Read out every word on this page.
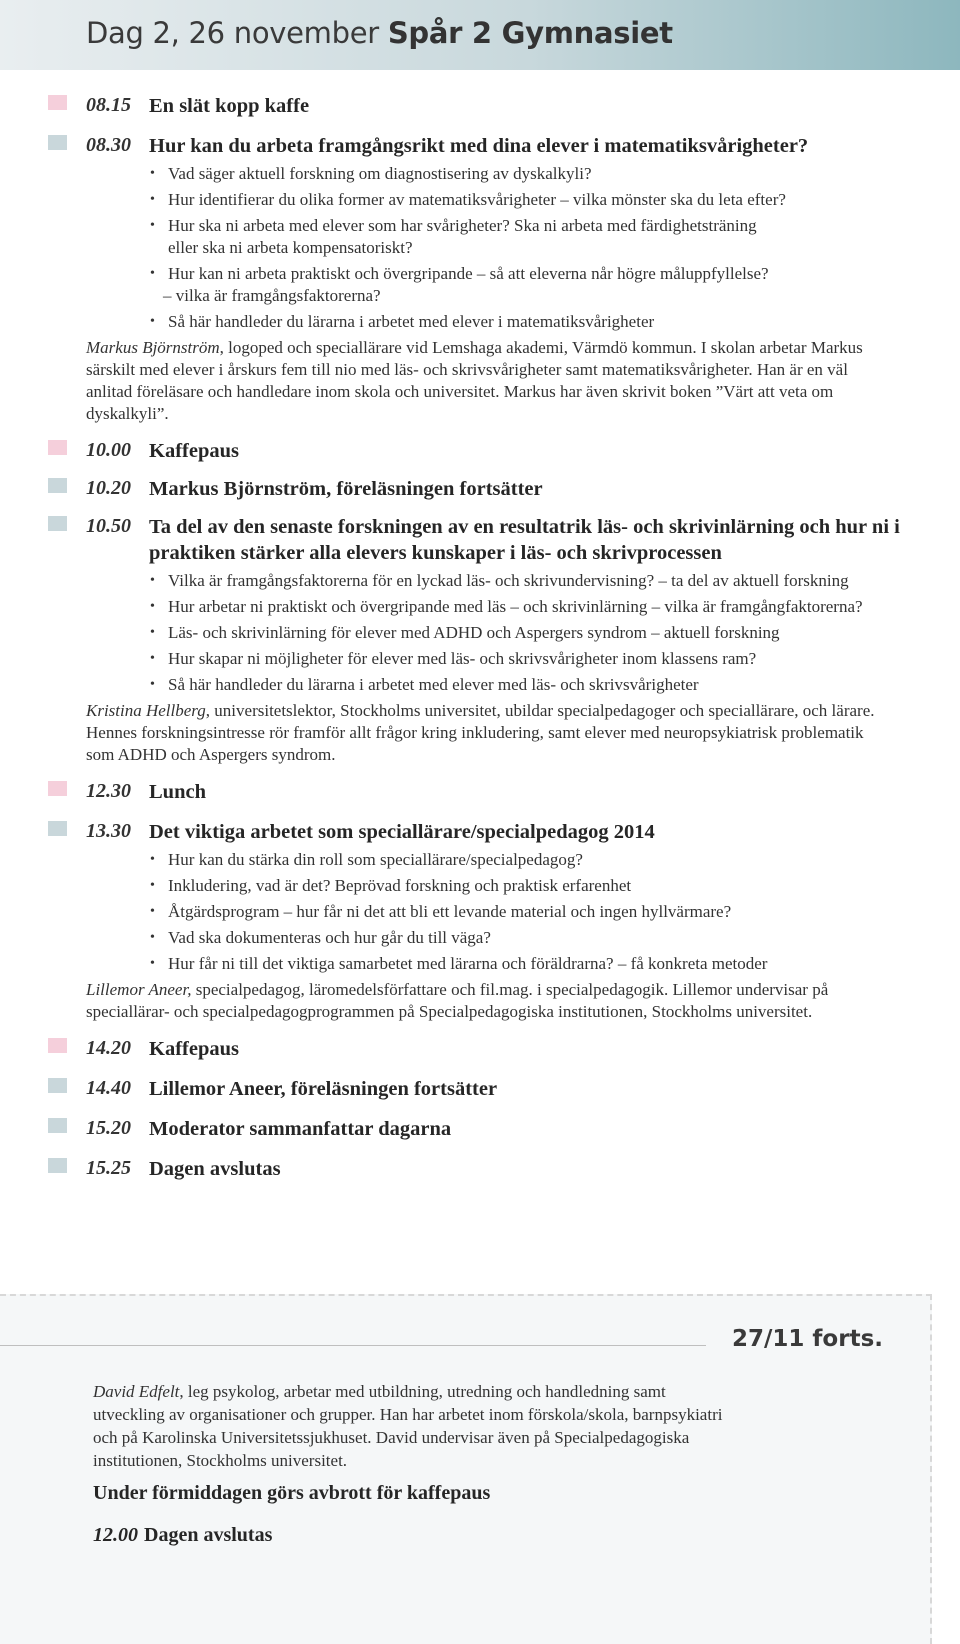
Dag 2, 26 november Spår 2 Gymnasiet
08.15 En slät kopp kaffe
08.30 Hur kan du arbeta framgångsrikt med dina elever i matematiksvårigheter?
• Vad säger aktuell forskning om diagnostisering av dyskalkyli?
• Hur identifierar du olika former av matematiksvårigheter – vilka mönster ska du leta efter?
• Hur ska ni arbeta med elever som har svårigheter? Ska ni arbeta med färdighetsträning
eller ska ni arbeta kompensatoriskt?
• Hur kan ni arbeta praktiskt och övergripande – så att eleverna når högre måluppfyllelse?
– vilka är framgångsfaktorerna?
• Så här handleder du lärarna i arbetet med elever i matematiksvårigheter
Markus Björnström, logoped och speciallärare vid Lemshaga akademi, Värmdö kommun. I skolan arbetar Markus särskilt med elever i årskurs fem till nio med läs- och skrivsvårigheter samt matematiksvårigheter. Han är en väl anlitad föreläsare och handledare inom skola och universitet. Markus har även skrivit boken ”Värt att veta om dyskalkyli”.
10.00 Kaffepaus
10.20 Markus Björnström, föreläsningen fortsätter
10.50 Ta del av den senaste forskningen av en resultatrik läs- och skrivinlärning och hur ni i praktiken stärker alla elevers kunskaper i läs- och skrivprocessen
• Vilka är framgångsfaktorerna för en lyckad läs- och skrivundervisning? – ta del av aktuell forskning
• Hur arbetar ni praktiskt och övergripande med läs – och skrivinlärning – vilka är framgångfaktorerna?
• Läs- och skrivinlärning för elever med ADHD och Aspergers syndrom – aktuell forskning
• Hur skapar ni möjligheter för elever med läs- och skrivsvårigheter inom klassens ram?
• Så här handleder du lärarna i arbetet med elever med läs- och skrivsvårigheter
Kristina Hellberg, universitetslektor, Stockholms universitet, ubildar specialpedagoger och speciallärare, och lärare. Hennes forskningsintresse rör framför allt frågor kring inkludering, samt elever med neuropsykiatrisk problematik som ADHD och Aspergers syndrom.
12.30 Lunch
13.30 Det viktiga arbetet som speciallärare/specialpedagog 2014
• Hur kan du stärka din roll som speciallärare/specialpedagog?
• Inkludering, vad är det? Beprövad forskning och praktisk erfarenhet
• Åtgärdsprogram – hur får ni det att bli ett levande material och ingen hyllvärmare?
• Vad ska dokumenteras och hur går du till väga?
• Hur får ni till det viktiga samarbetet med lärarna och föräldrarna? – få konkreta metoder
Lillemor Aneer, specialpedagog, läromedelsförfattare och fil.mag. i specialpedagogik. Lillemor undervisar på speciallärar- och specialpedagogprogrammen på Specialpedagogiska institutionen, Stockholms universitet.
14.20 Kaffepaus
14.40 Lillemor Aneer, föreläsningen fortsätter
15.20 Moderator sammanfattar dagarna
15.25 Dagen avslutas
27/11 forts.
David Edfelt, leg psykolog, arbetar med utbildning, utredning och handledning samt utveckling av organisationer och grupper. Han har arbetet inom förskola/skola, barnpsykiatri och på Karolinska Universitetssjukhuset. David undervisar även på Specialpedagogiska institutionen, Stockholms universitet.
Under förmiddagen görs avbrott för kaffepaus
12.00 Dagen avslutas
